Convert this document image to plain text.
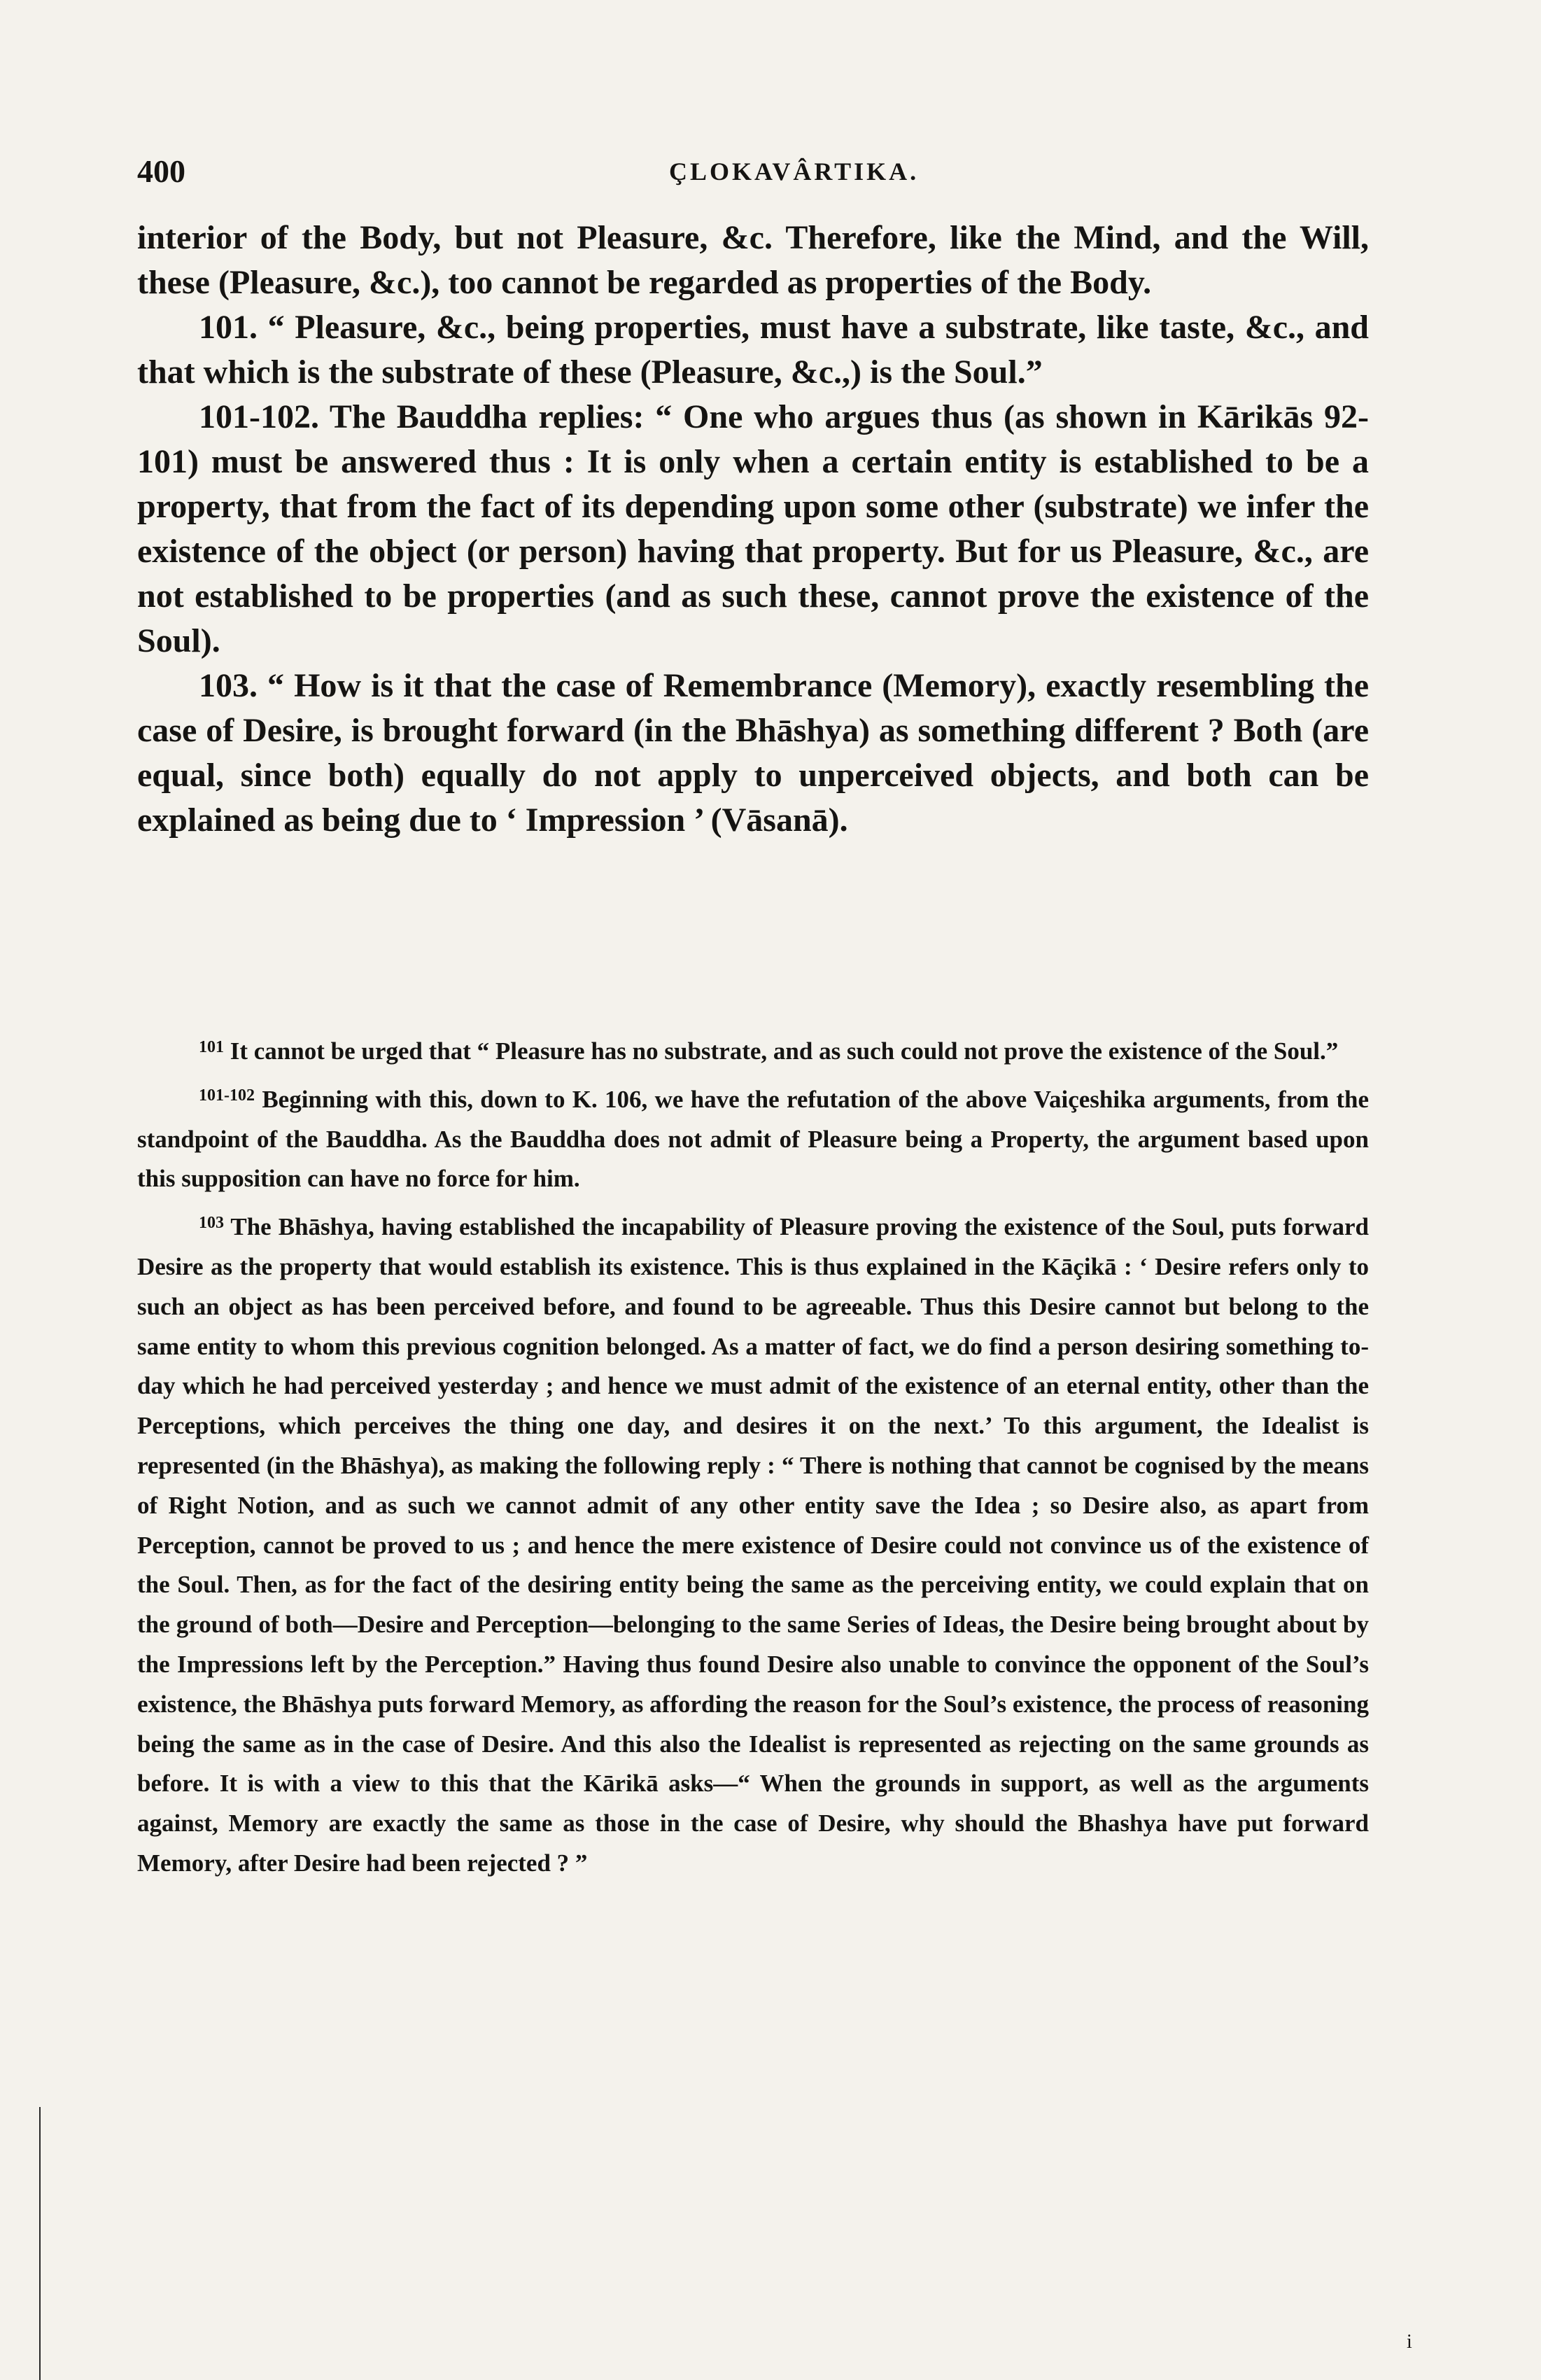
400	ÇLOKAVÂRTIKA.

interior of the Body, but not Pleasure, &c. Therefore, like the Mind, and the Will, these (Pleasure, &c.), too cannot be regarded as properties of the Body.

101. “ Pleasure, &c., being properties, must have a substrate, like taste, &c., and that which is the substrate of these (Pleasure, &c.,) is the Soul.”

101-102. The Bauddha replies: “ One who argues thus (as shown in Kārikās 92-101) must be answered thus : It is only when a certain entity is established to be a property, that from the fact of its depending upon some other (substrate) we infer the existence of the object (or person) having that property. But for us Pleasure, &c., are not established to be properties (and as such these, cannot prove the existence of the Soul).

103. “ How is it that the case of Remembrance (Memory), exactly resembling the case of Desire, is brought forward (in the Bhāshya) as something different ? Both (are equal, since both) equally do not apply to unperceived objects, and both can be explained as being due to ‘ Impression ’ (Vāsanā).

$^{101}$ It cannot be urged that “ Pleasure has no substrate, and as such could not prove the existence of the Soul.”

$^{101-102}$ Beginning with this, down to K. 106, we have the refutation of the above Vaiçeshika arguments, from the standpoint of the Bauddha. As the Bauddha does not admit of Pleasure being a Property, the argument based upon this supposition can have no force for him.

$^{103}$ The Bhāshya, having established the incapability of Pleasure proving the existence of the Soul, puts forward Desire as the property that would establish its existence. This is thus explained in the Kāçikā : ‘ Desire refers only to such an object as has been perceived before, and found to be agreeable. Thus this Desire cannot but belong to the same entity to whom this previous cognition belonged. As a matter of fact, we do find a person desiring something to-day which he had perceived yesterday ; and hence we must admit of the existence of an eternal entity, other than the Perceptions, which perceives the thing one day, and desires it on the next.’ To this argument, the Idealist is represented (in the Bhāshya), as making the following reply : “ There is nothing that cannot be cognised by the means of Right Notion, and as such we cannot admit of any other entity save the Idea ; so Desire also, as apart from Perception, cannot be proved to us ; and hence the mere existence of Desire could not convince us of the existence of the Soul. Then, as for the fact of the desiring entity being the same as the perceiving entity, we could explain that on the ground of both—Desire and Perception—belonging to the same Series of Ideas, the Desire being brought about by the Impressions left by the Perception.” Having thus found Desire also unable to convince the opponent of the Soul’s existence, the Bhāshya puts forward Memory, as affording the reason for the Soul’s existence, the process of reasoning being the same as in the case of Desire. And this also the Idealist is represented as rejecting on the same grounds as before. It is with a view to this that the Kārikā asks—“ When the grounds in support, as well as the arguments against, Memory are exactly the same as those in the case of Desire, why should the Bhashya have put forward Memory, after Desire had been rejected ? ”

i
